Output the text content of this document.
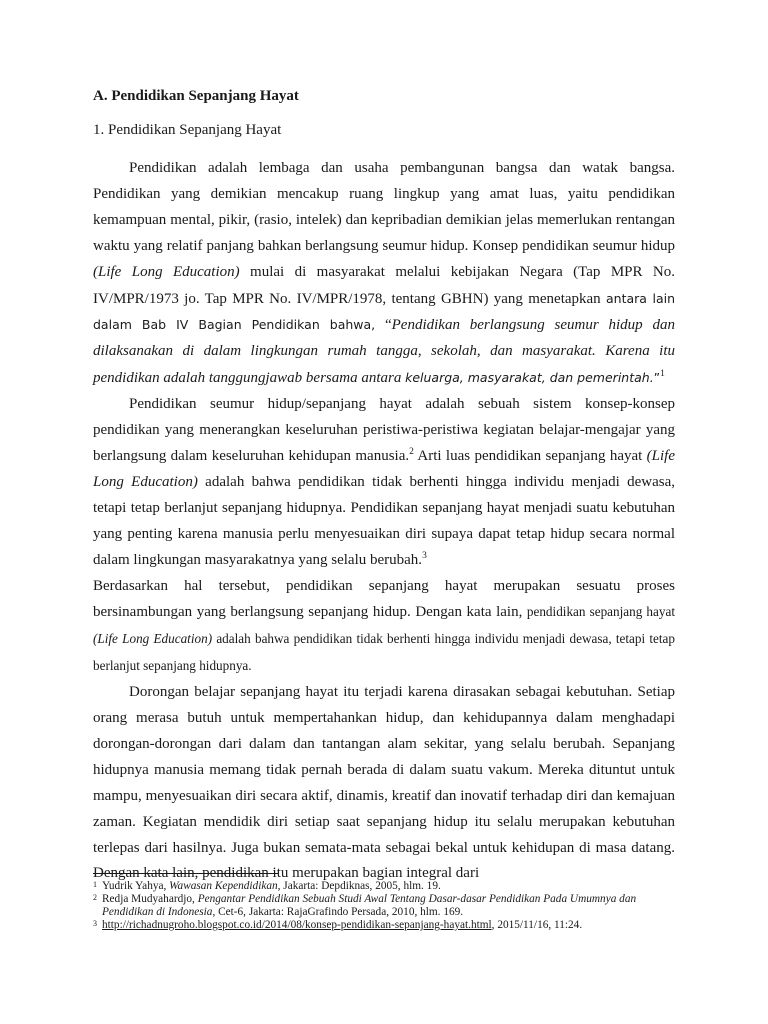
A. Pendidikan Sepanjang Hayat
1. Pendidikan Sepanjang Hayat

Pendidikan adalah lembaga dan usaha pembangunan bangsa dan watak bangsa. Pendidikan yang demikian mencakup ruang lingkup yang amat luas, yaitu pendidikan kemampuan mental, pikir, (rasio, intelek) dan kepribadian demikian jelas memerlukan rentangan waktu yang relatif panjang bahkan berlangsung seumur hidup. Konsep pendidikan seumur hidup (Life Long Education) mulai di masyarakat melalui kebijakan Negara (Tap MPR No. IV/MPR/1973 jo. Tap MPR No. IV/MPR/1978, tentang GBHN) yang menetapkan antara lain dalam Bab IV Bagian Pendidikan bahwa, “Pendidikan berlangsung seumur hidup dan dilaksanakan di dalam lingkungan rumah tangga, sekolah, dan masyarakat. Karena itu pendidikan adalah tanggungjawab bersama antara keluarga, masyarakat, dan pemerintah.”$^1$

Pendidikan seumur hidup/sepanjang hayat adalah sebuah sistem konsep-konsep pendidikan yang menerangkan keseluruhan peristiwa-peristiwa kegiatan belajar-mengajar yang berlangsung dalam keseluruhan kehidupan manusia.$^2$ Arti luas pendidikan sepanjang hayat (Life Long Education) adalah bahwa pendidikan tidak berhenti hingga individu menjadi dewasa, tetapi tetap berlanjut sepanjang hidupnya. Pendidikan sepanjang hayat menjadi suatu kebutuhan yang penting karena manusia perlu menyesuaikan diri supaya dapat tetap hidup secara normal dalam lingkungan masyarakatnya yang selalu berubah.$^3$

Berdasarkan hal tersebut, pendidikan sepanjang hayat merupakan sesuatu proses bersinambungan yang berlangsung sepanjang hidup. Dengan kata lain, pendidikan sepanjang hayat (Life Long Education) adalah bahwa pendidikan tidak berhenti hingga individu menjadi dewasa, tetapi tetap berlanjut sepanjang hidupnya.

Dorongan belajar sepanjang hayat itu terjadi karena dirasakan sebagai kebutuhan. Setiap orang merasa butuh untuk mempertahankan hidup, dan kehidupannya dalam menghadapi dorongan-dorongan dari dalam dan tantangan alam sekitar, yang selalu berubah. Sepanjang hidupnya manusia memang tidak pernah berada di dalam suatu vakum. Mereka dituntut untuk mampu, menyesuaikan diri secara aktif, dinamis, kreatif dan inovatif terhadap diri dan kemajuan zaman. Kegiatan mendidik diri setiap saat sepanjang hidup itu selalu merupakan kebutuhan terlepas dari hasilnya. Juga bukan semata-mata sebagai bekal untuk kehidupan di masa datang. Dengan kata lain, pendidikan itu merupakan bagian integral dari

1 Yudrik Yahya, Wawasan Kependidikan, Jakarta: Depdiknas, 2005, hlm. 19.
2 Redja Mudyahardjo, Pengantar Pendidikan Sebuah Studi Awal Tentang Dasar-dasar Pendidikan Pada Umumnya dan Pendidikan di Indonesia, Cet-6, Jakarta: RajaGrafindo Persada, 2010, hlm. 169.
3 http://richadnugroho.blogspot.co.id/2014/08/konsep-pendidikan-sepanjang-hayat.html, 2015/11/16, 11:24.
